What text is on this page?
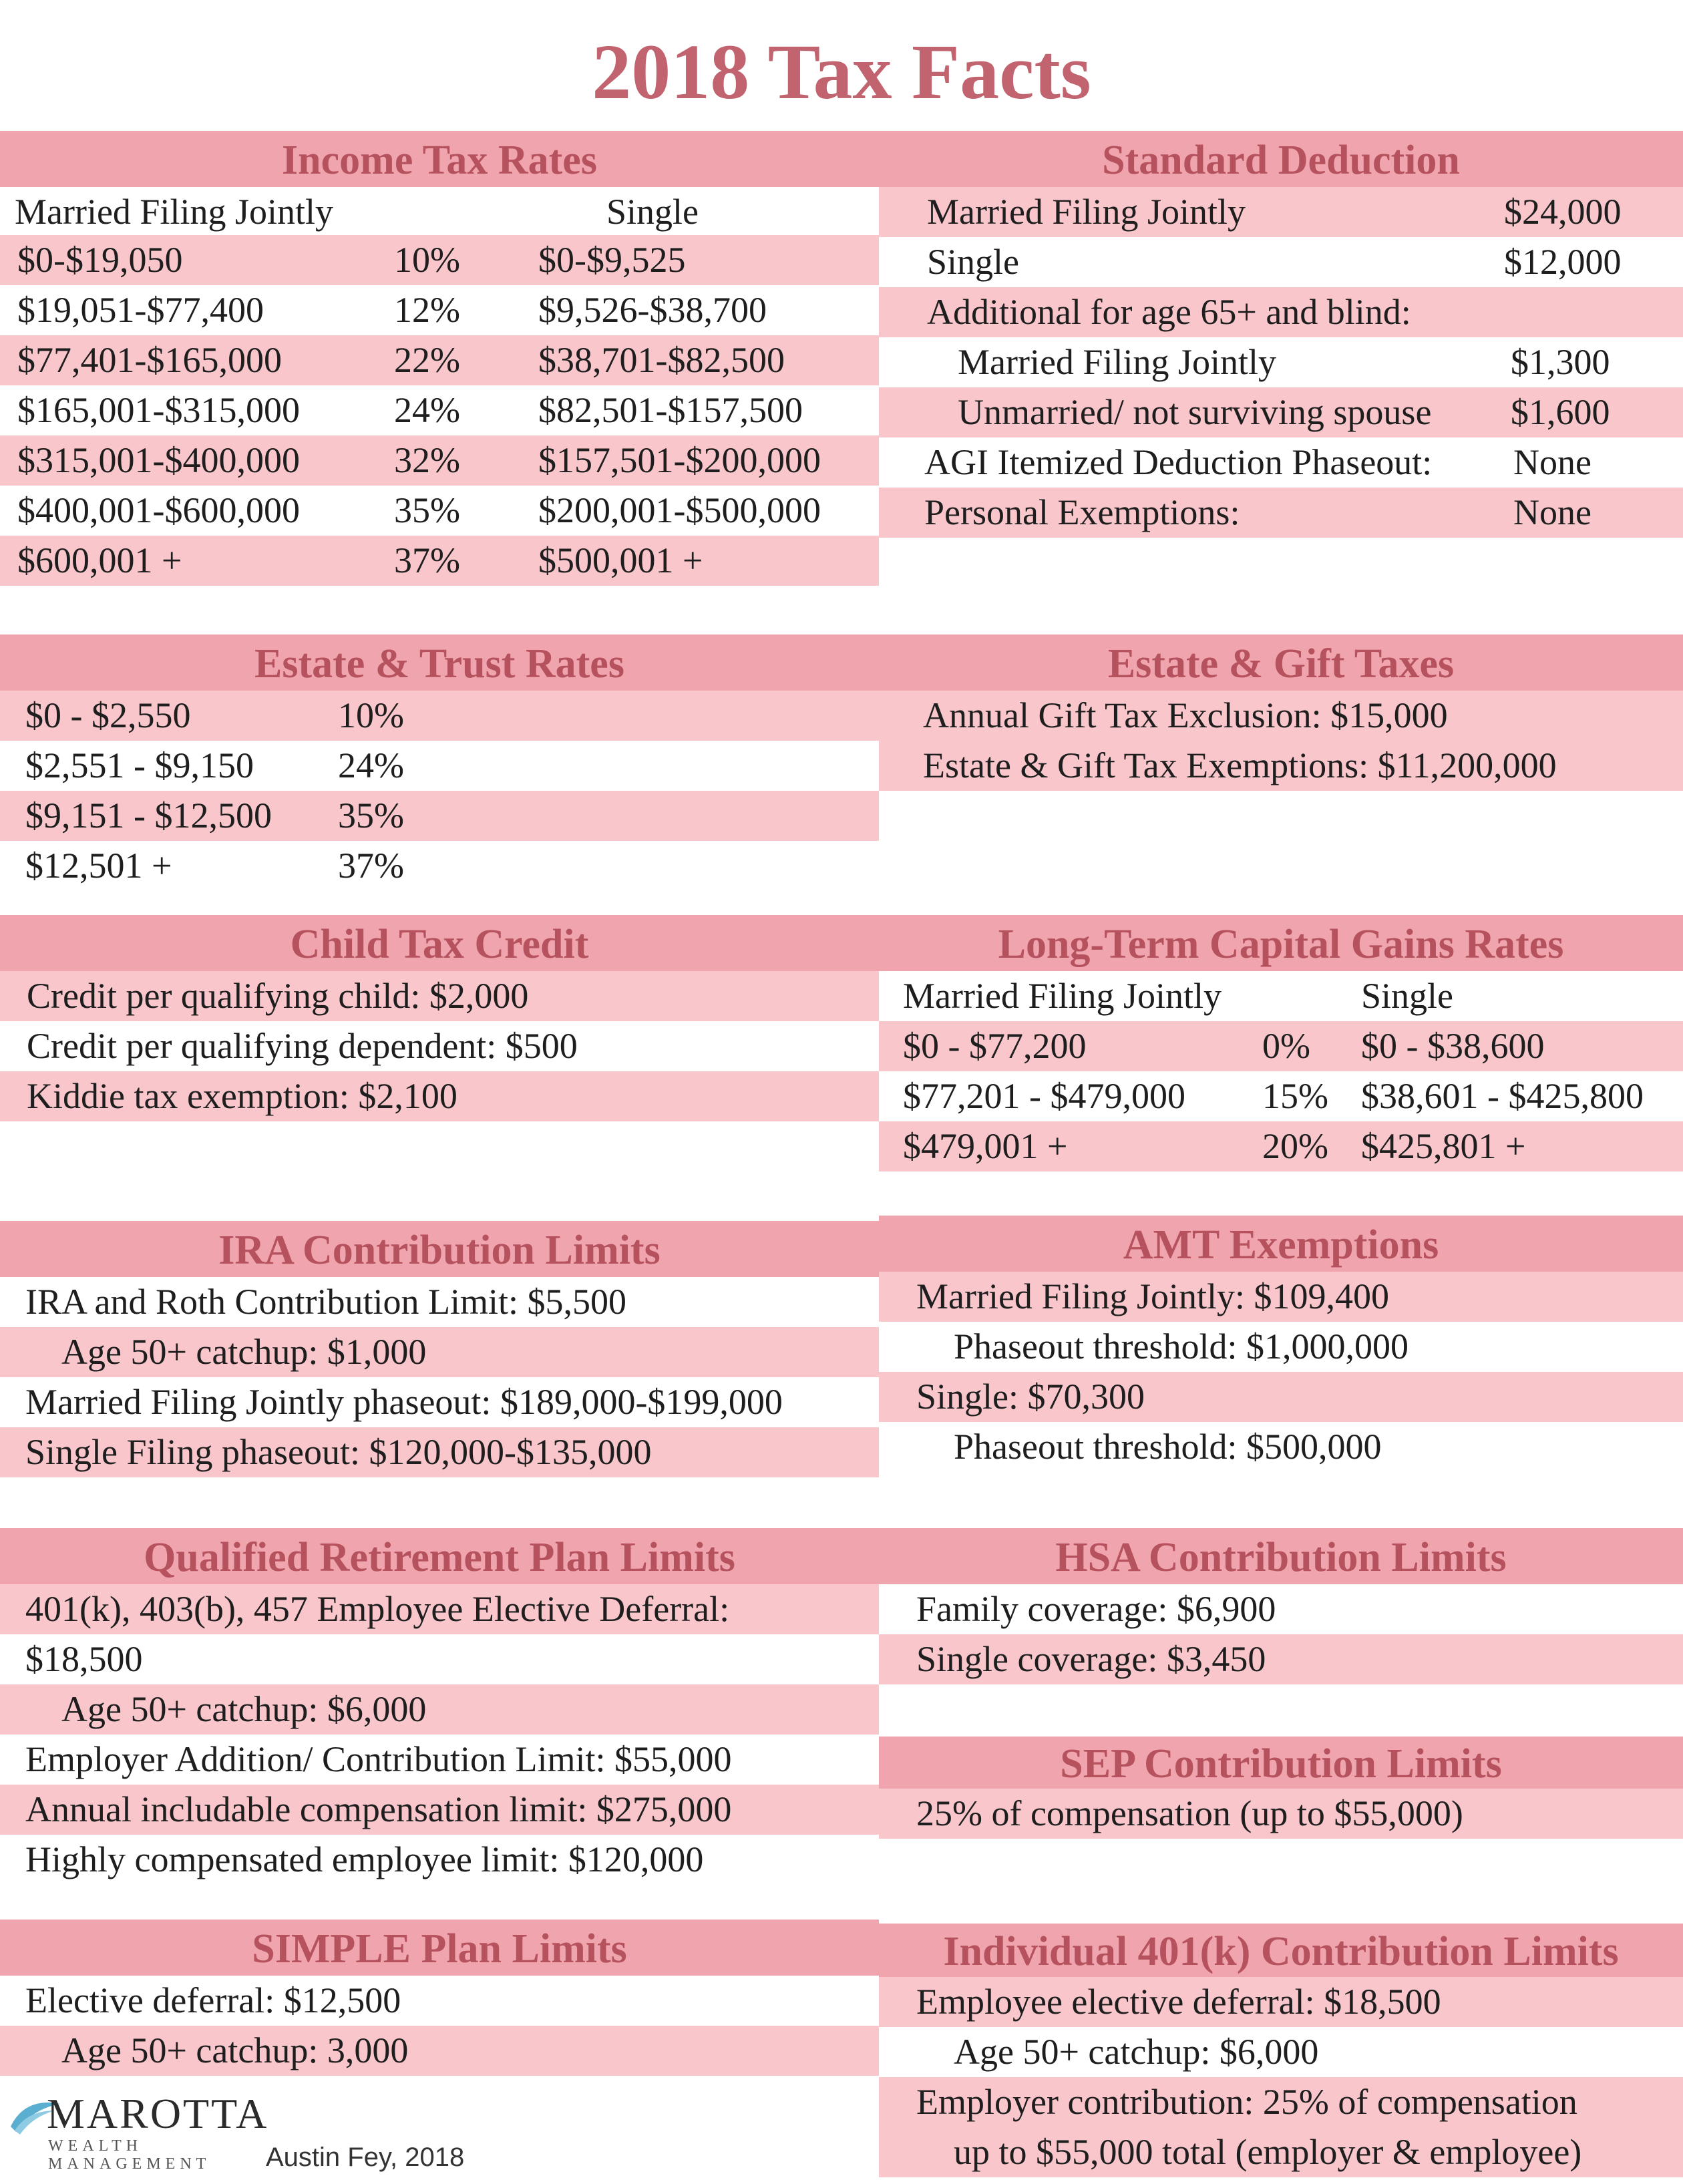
2018 Tax Facts
Income Tax Rates
Married Filing Jointly	Single
$0-$19,050	10% $0-$9,525
$19,051-$77,400	12% $9,526-$38,700
$77,401-$165,000	22% $38,701-$82,500
$165,001-$315,000	24% $82,501-$157,500
$315,001-$400,000	32% $157,501-$200,000
$400,001-$600,000	35% $200,001-$500,000
$600,001 +	37% $500,001 +
Standard Deduction
Married Filing Jointly	$24,000
Single	$12,000
Additional for age 65+ and blind:
Married Filing Jointly	$1,300
Unmarried/ not surviving spouse $1,600
AGI Itemized Deduction Phaseout: None
Personal Exemptions:	None
Estate & Trust Rates
$0 - $2,550	10%
$2,551 - $9,150 24%
$9,151 - $12,500 35%
$12,501 +	37%
Estate & Gift Taxes
Annual Gift Tax Exclusion: $15,000
Estate & Gift Tax Exemptions: $11,200,000
Child Tax Credit
Credit per qualifying child: $2,000
Credit per qualifying dependent: $500
Kiddie tax exemption: $2,100
Long-Term Capital Gains Rates
Married Filing Jointly	Single
$0 - $77,200	0% $0 - $38,600
$77,201 - $479,000 15% $38,601 - $425,800
$479,001 +	20% $425,801 +
IRA Contribution Limits
IRA and Roth Contribution Limit: $5,500
Age 50+ catchup: $1,000
Married Filing Jointly phaseout: $189,000-$199,000
Single Filing phaseout: $120,000-$135,000
AMT Exemptions
Married Filing Jointly: $109,400
Phaseout threshold: $1,000,000
Single: $70,300
Phaseout threshold: $500,000
Qualified Retirement Plan Limits
401(k), 403(b), 457 Employee Elective Deferral:
$18,500
Age 50+ catchup: $6,000
Employer Addition/ Contribution Limit: $55,000
Annual includable compensation limit: $275,000
Highly compensated employee limit: $120,000
HSA Contribution Limits
Family coverage: $6,900
Single coverage: $3,450
SEP Contribution Limits
25% of compensation (up to $55,000)
SIMPLE Plan Limits
Elective deferral: $12,500
Age 50+ catchup: 3,000
Individual 401(k) Contribution Limits
Employee elective deferral: $18,500
Age 50+ catchup: $6,000
Employer contribution: 25% of compensation
up to $55,000 total (employer & employee)
MAROTTA
WEALTH MANAGEMENT	Austin Fey, 2018
